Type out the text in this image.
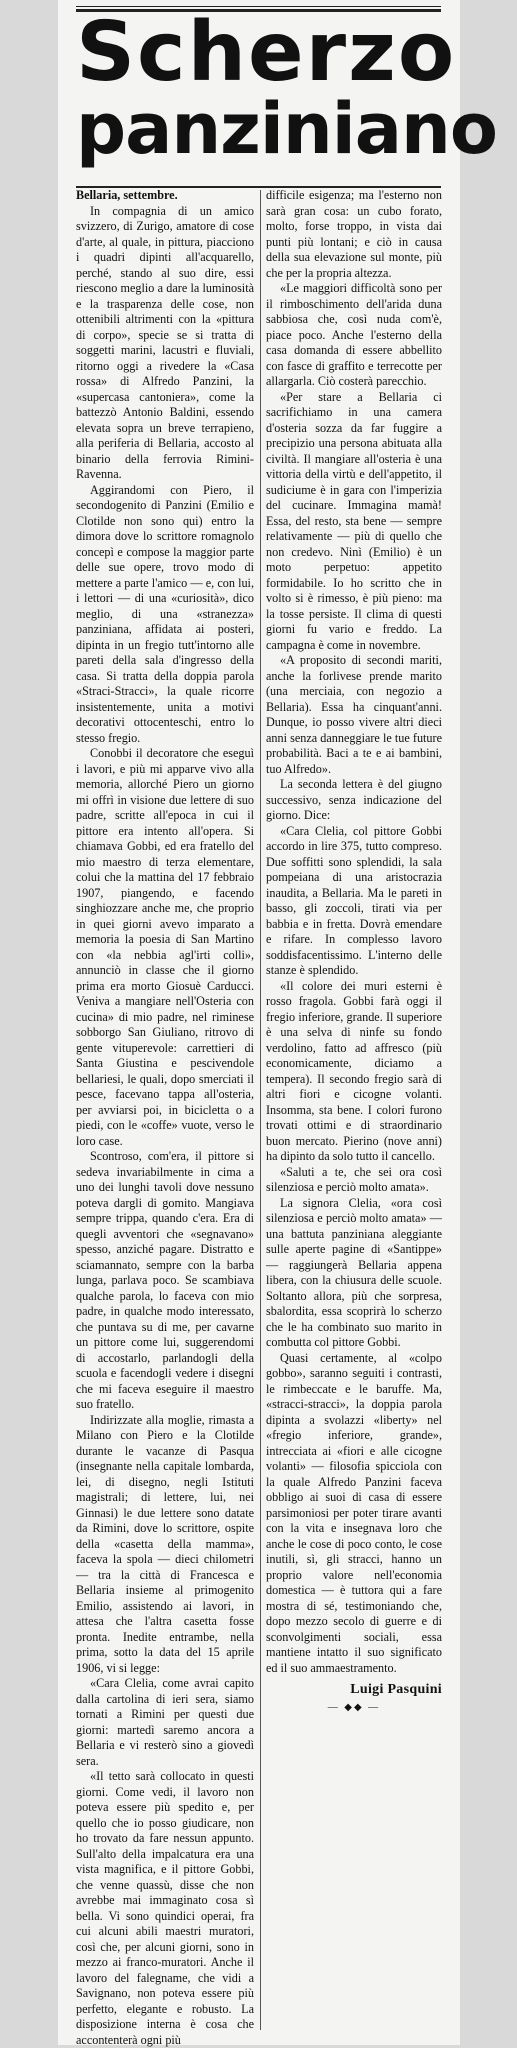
Scherzo
panziniano
Bellaria, settembre.

In compagnia di un amico svizzero, di Zurigo, amatore di cose d'arte, al quale, in pittura, piacciono i quadri dipinti all'acquarello, perché, stando al suo dire, essi riescono meglio a dare la luminosità e la trasparenza delle cose, non ottenibili altrimenti con la «pittura di corpo», specie se si tratta di soggetti marini, lacustri e fluviali, ritorno oggi a rivedere la «Casa rossa» di Alfredo Panzini, la «supercasa cantoniera», come la battezzò Antonio Baldini, essendo elevata sopra un breve terrapieno, alla periferia di Bellaria, accosto al binario della ferrovia Rimini-Ravenna.

Aggirandomi con Piero, il secondogenito di Panzini (Emilio e Clotilde non sono qui) entro la dimora dove lo scrittore romagnolo concepì e compose la maggior parte delle sue opere, trovo modo di mettere a parte l'amico — e, con lui, i lettori — di una «curiosità», dico meglio, di una «stranezza» panziniana, affidata ai posteri, dipinta in un fregio tutt'intorno alle pareti della sala d'ingresso della casa. Si tratta della doppia parola «Straci-Stracci», la quale ricorre insistentemente, unita a motivi decorativi ottocenteschi, entro lo stesso fregio.

Conobbi il decoratore che eseguì i lavori, e più mi apparve vivo alla memoria, allorché Piero un giorno mi offrì in visione due lettere di suo padre, scritte all'epoca in cui il pittore era intento all'opera. Si chiamava Gobbi, ed era fratello del mio maestro di terza elementare, colui che la mattina del 17 febbraio 1907, piangendo, e facendo singhiozzare anche me, che proprio in quei giorni avevo imparato a memoria la poesia di San Martino con «la nebbia agl'irti colli», annunciò in classe che il giorno prima era morto Giosuè Carducci. Veniva a mangiare nell'Osteria con cucina» di mio padre, nel riminese sobborgo San Giuliano, ritrovo di gente vituperevole: carrettieri di Santa Giustina e pescivendole bellariesi, le quali, dopo smerciati il pesce, facevano tappa all'osteria, per avviarsi poi, in bicicletta o a piedi, con le «coffe» vuote, verso le loro case.

Scontroso, com'era, il pittore si sedeva invariabilmente in cima a uno dei lunghi tavoli dove nessuno poteva dargli di gomito. Mangiava sempre trippa, quando c'era. Era di quegli avventori che «segnavano» spesso, anziché pagare. Distratto e sciamannato, sempre con la barba lunga, parlava poco. Se scambiava qualche parola, lo faceva con mio padre, in qualche modo interessato, che puntava su di me, per cavarne un pittore come lui, suggerendomi di accostarlo, parlandogli della scuola e facendogli vedere i disegni che mi faceva eseguire il maestro suo fratello.

Indirizzate alla moglie, rimasta a Milano con Piero e la Clotilde durante le vacanze di Pasqua (insegnante nella capitale lombarda, lei, di disegno, negli Istituti magistrali; di lettere, lui, nei Ginnasi) le due lettere sono datate da Rimini, dove lo scrittore, ospite della «casetta della mamma», faceva la spola — dieci chilometri — tra la città di Francesca e Bellaria insieme al primogenito Emilio, assistendo ai lavori, in attesa che l'altra casetta fosse pronta. Inedite entrambe, nella prima, sotto la data del 15 aprile 1906, vi si legge:

«Cara Clelia, come avrai capito dalla cartolina di ieri sera, siamo tornati a Rimini per questi due giorni: martedì saremo ancora a Bellaria e vi resterò sino a giovedì sera.

«Il tetto sarà collocato in questi giorni. Come vedi, il lavoro non poteva essere più spedito e, per quello che io posso giudicare, non ho trovato da fare nessun appunto. Sull'alto della impalcatura era una vista magnifica, e il pittore Gobbi, che venne quassù, disse che non avrebbe mai immaginato cosa sì bella. Vi sono quindici operai, fra cui alcuni abili maestri muratori, così che, per alcuni giorni, sono in mezzo ai franco-muratori. Anche il lavoro del falegname, che vidi a Savignano, non poteva essere più perfetto, elegante e robusto. La disposizione interna è cosa che accontenterà ogni più

difficile esigenza; ma l'esterno non sarà gran cosa: un cubo forato, molto, forse troppo, in vista dai punti più lontani; e ciò in causa della sua elevazione sul monte, più che per la propria altezza.

«Le maggiori difficoltà sono per il rimboschimento dell'arida duna sabbiosa che, così nuda com'è, piace poco. Anche l'esterno della casa domanda di essere abbellito con fasce di graffito e terrecotte per allargarla. Ciò costerà parecchio.

«Per stare a Bellaria ci sacrifichiamo in una camera d'osteria sozza da far fuggire a precipizio una persona abituata alla civiltà. Il mangiare all'osteria è una vittoria della virtù e dell'appetito, il sudiciume è in gara con l'imperizia del cucinare. Immagina mamà! Essa, del resto, sta bene — sempre relativamente — più di quello che non credevo. Ninì (Emilio) è un moto perpetuo: appetito formidabile. Io ho scritto che in volto si è rimesso, è più pieno: ma la tosse persiste. Il clima di questi giorni fu vario e freddo. La campagna è come in novembre.

«A proposito di secondi mariti, anche la forlivese prende marito (una merciaia, con negozio a Bellaria). Essa ha cinquant'anni. Dunque, io posso vivere altri dieci anni senza danneggiare le tue future probabilità. Baci a te e ai bambini, tuo Alfredo».

La seconda lettera è del giugno successivo, senza indicazione del giorno. Dice:

«Cara Clelia, col pittore Gobbi accordo in lire 375, tutto compreso. Due soffitti sono splendidi, la sala pompeiana di una aristocrazia inaudita, a Bellaria. Ma le pareti in basso, gli zoccoli, tirati via per babbia e in fretta. Dovrà emendare e rifare. In complesso lavoro soddisfacentissimo. L'interno delle stanze è splendido.

«Il colore dei muri esterni è rosso fragola. Gobbi farà oggi il fregio inferiore, grande. Il superiore è una selva di ninfe su fondo verdolino, fatto ad affresco (più economicamente, diciamo a tempera). Il secondo fregio sarà di altri fiori e cicogne volanti. Insomma, sta bene. I colori furono trovati ottimi e di straordinario buon mercato. Pierino (nove anni) ha dipinto da solo tutto il cancello.

«Saluti a te, che sei ora così silenziosa e perciò molto amata».

La signora Clelia, «ora così silenziosa e perciò molto amata» — una battuta panziniana aleggiante sulle aperte pagine di «Santippe» — raggiungerà Bellaria appena libera, con la chiusura delle scuole. Soltanto allora, più che sorpresa, sbalordita, essa scoprirà lo scherzo che le ha combinato suo marito in combutta col pittore Gobbi.

Quasi certamente, al «colpo gobbo», saranno seguiti i contrasti, le rimbeccate e le baruffe. Ma, «stracci-stracci», la doppia parola dipinta a svolazzi «liberty» nel «fregio inferiore, grande», intrecciata ai «fiori e alle cicogne volanti» — filosofia spicciola con la quale Alfredo Panzini faceva obbligo ai suoi di casa di essere parsimoniosi per poter tirare avanti con la vita e insegnava loro che anche le cose di poco conto, le cose inutili, sì, gli stracci, hanno un proprio valore nell'economia domestica — è tuttora qui a fare mostra di sé, testimoniando che, dopo mezzo secolo di guerre e di sconvolgimenti sociali, essa mantiene intatto il suo significato ed il suo ammaestramento.

Luigi Pasquini
— ◆◆ —
